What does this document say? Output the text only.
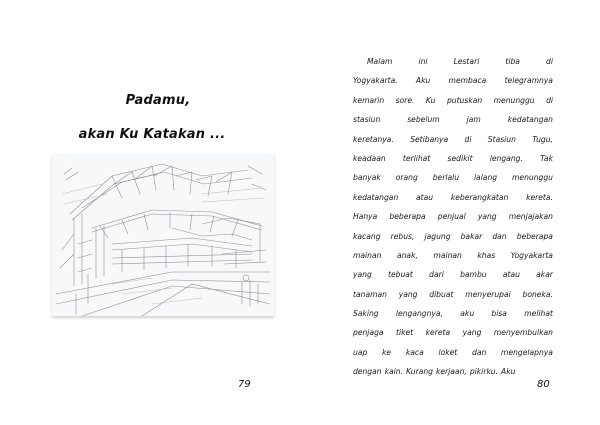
Padamu,
akan Ku Katakan ...
79
Malam	ini	Lestari	tiba	di
Yogyakarta. Aku membaca telegramnya
kemarin sore. Ku putuskan menunggu di
stasiun	sebelum	jam	kedatangan
keretanya. Setibanya di Stasiun Tugu,
keadaan terlihat sedikit lengang. Tak
banyak orang berlalu lalang menunggu
kedatangan atau keberangkatan kereta.
Hanya beberapa penjual yang menjajakan
kacang rebus, jagung bakar dan beberapa
mainan anak, mainan khas Yogyakarta
yang tebuat dari bambu atau akar
tanaman yang dibuat menyerupai boneka.
Saking lengangnya, aku bisa melihat
penjaga tiket kereta yang menyembulkan
uap ke kaca loket dan mengelapnya
dengan kain. Kurang kerjaan, pikirku. Aku
80
